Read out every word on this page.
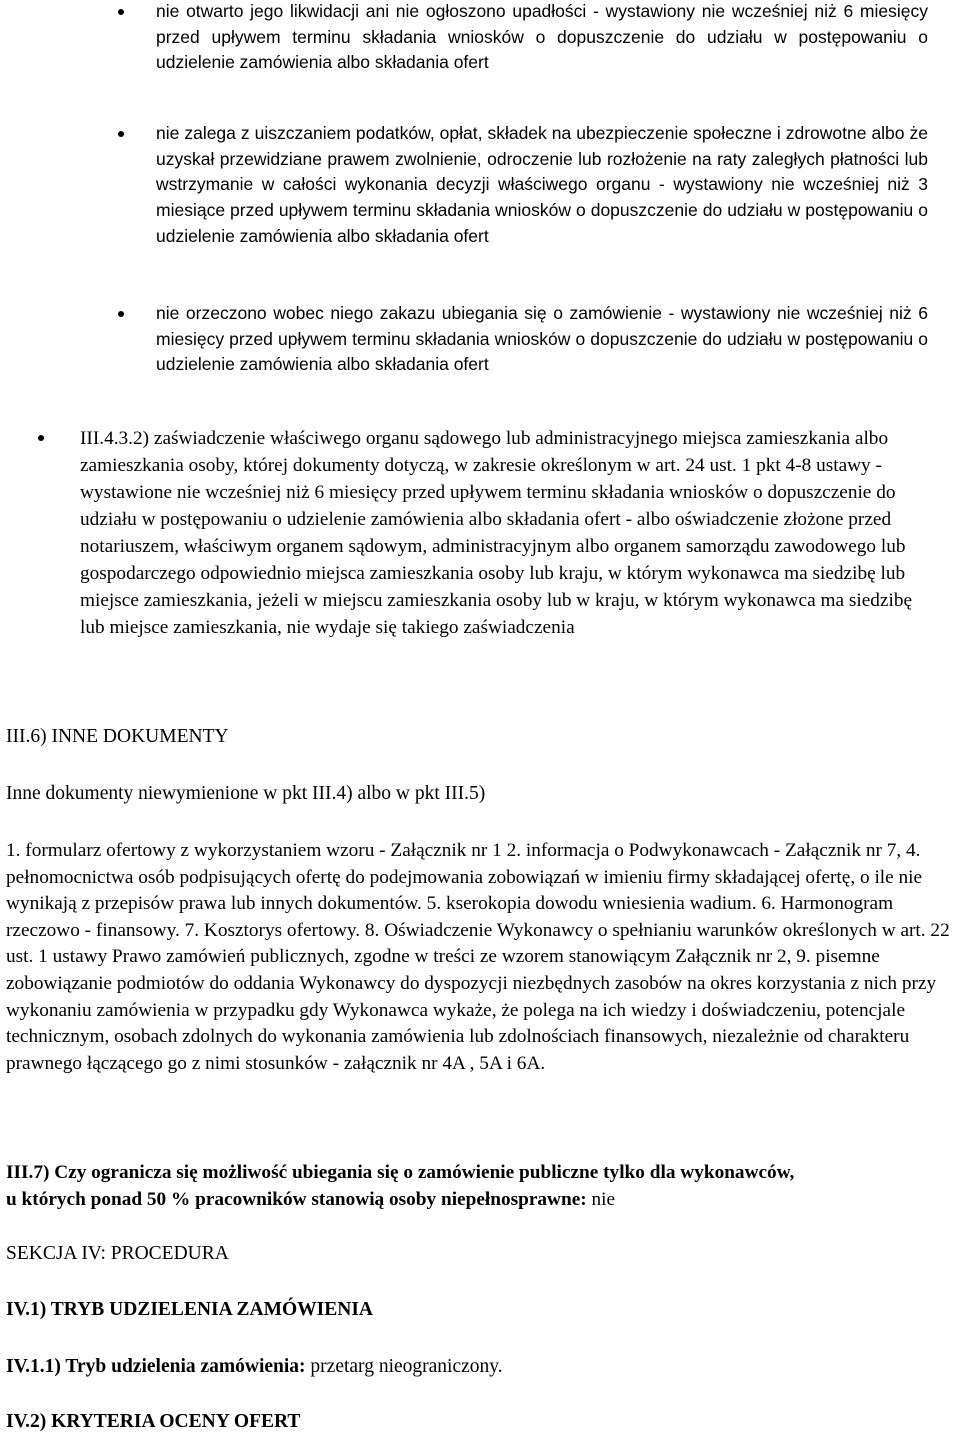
nie otwarto jego likwidacji ani nie ogłoszono upadłości - wystawiony nie wcześniej niż 6 miesięcy przed upływem terminu składania wniosków o dopuszczenie do udziału w postępowaniu o udzielenie zamówienia albo składania ofert

nie zalega z uiszczaniem podatków, opłat, składek na ubezpieczenie społeczne i zdrowotne albo że uzyskał przewidziane prawem zwolnienie, odroczenie lub rozłożenie na raty zaległych płatności lub wstrzymanie w całości wykonania decyzji właściwego organu - wystawiony nie wcześniej niż 3 miesiące przed upływem terminu składania wniosków o dopuszczenie do udziału w postępowaniu o udzielenie zamówienia albo składania ofert

nie orzeczono wobec niego zakazu ubiegania się o zamówienie - wystawiony nie wcześniej niż 6 miesięcy przed upływem terminu składania wniosków o dopuszczenie do udziału w postępowaniu o udzielenie zamówienia albo składania ofert

III.4.3.2) zaświadczenie właściwego organu sądowego lub administracyjnego miejsca zamieszkania albo zamieszkania osoby, której dokumenty dotyczą, w zakresie określonym w art. 24 ust. 1 pkt 4-8 ustawy - wystawione nie wcześniej niż 6 miesięcy przed upływem terminu składania wniosków o dopuszczenie do udziału w postępowaniu o udzielenie zamówienia albo składania ofert - albo oświadczenie złożone przed notariuszem, właściwym organem sądowym, administracyjnym albo organem samorządu zawodowego lub gospodarczego odpowiednio miejsca zamieszkania osoby lub kraju, w którym wykonawca ma siedzibę lub miejsce zamieszkania, jeżeli w miejscu zamieszkania osoby lub w kraju, w którym wykonawca ma siedzibę lub miejsce zamieszkania, nie wydaje się takiego zaświadczenia

III.6) INNE DOKUMENTY
Inne dokumenty niewymienione w pkt III.4) albo w pkt III.5)

1. formularz ofertowy z wykorzystaniem wzoru - Załącznik nr 1 2. informacja o Podwykonawcach - Załącznik nr 7, 4. pełnomocnictwa osób podpisujących ofertę do podejmowania zobowiązań w imieniu firmy składającej ofertę, o ile nie wynikają z przepisów prawa lub innych dokumentów. 5. kserokopia dowodu wniesienia wadium. 6. Harmonogram rzeczowo - finansowy. 7. Kosztorys ofertowy. 8. Oświadczenie Wykonawcy o spełnianiu warunków określonych w art. 22 ust. 1 ustawy Prawo zamówień publicznych, zgodne w treści ze wzorem stanowiącym Załącznik nr 2, 9. pisemne zobowiązanie podmiotów do oddania Wykonawcy do dyspozycji niezbędnych zasobów na okres korzystania z nich przy wykonaniu zamówienia w przypadku gdy Wykonawca wykaże, że polega na ich wiedzy i doświadczeniu, potencjale technicznym, osobach zdolnych do wykonania zamówienia lub zdolnościach finansowych, niezależnie od charakteru prawnego łączącego go z nimi stosunków - załącznik nr 4A , 5A i 6A.

III.7) Czy ogranicza się możliwość ubiegania się o zamówienie publiczne tylko dla wykonawców,
u których ponad 50 % pracowników stanowią osoby niepełnosprawne: nie
SEKCJA IV: PROCEDURA
IV.1) TRYB UDZIELENIA ZAMÓWIENIA
IV.1.1) Tryb udzielenia zamówienia: przetarg nieograniczony.
IV.2) KRYTERIA OCENY OFERT
